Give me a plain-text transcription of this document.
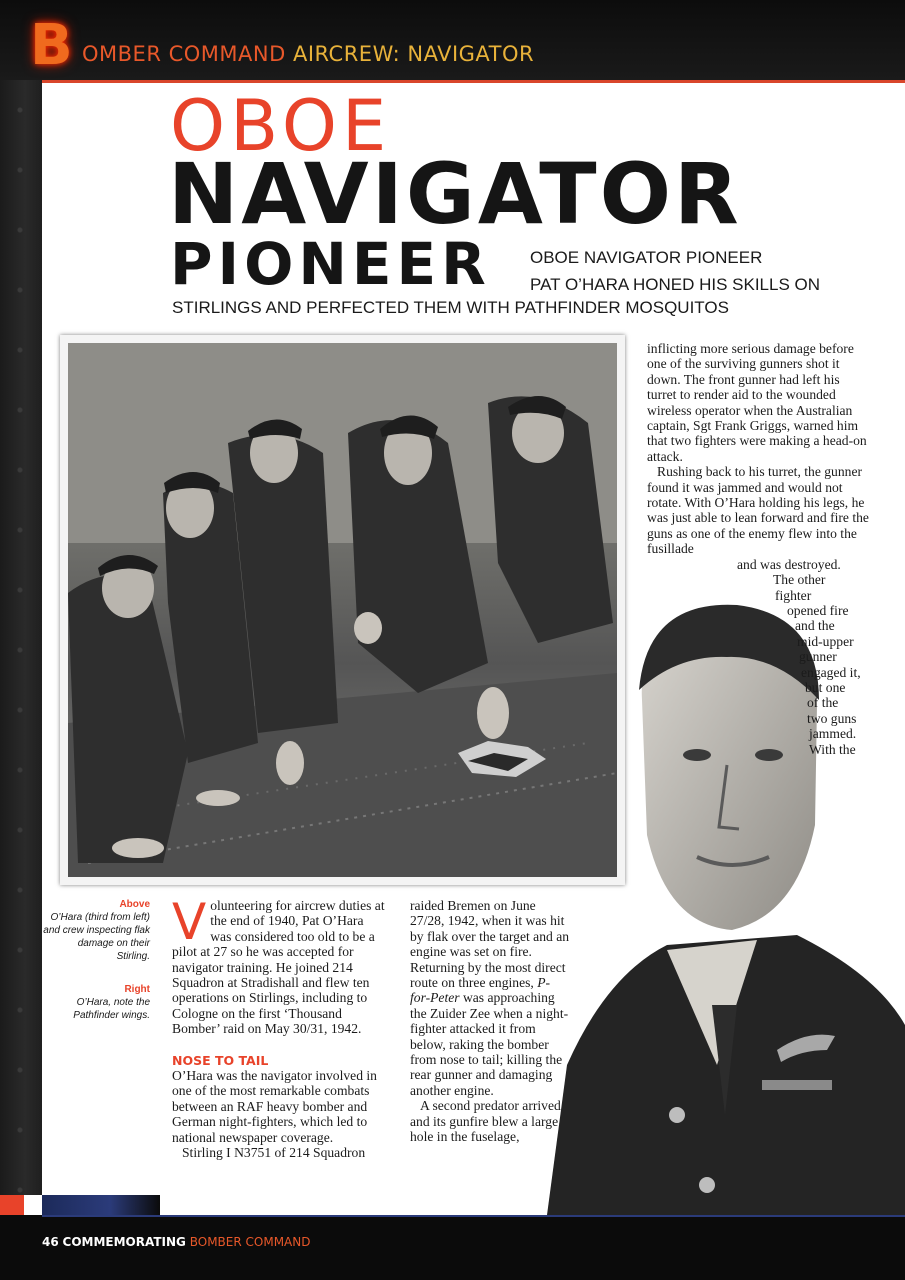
B OMBER COMMAND AIRCREW: NAVIGATOR
OBOE
NAVIGATOR
PIONEER OBOE NAVIGATOR PIONEER
PAT O’HARA HONED HIS SKILLS ON
STIRLINGS AND PERFECTED THEM WITH PATHFINDER MOSQUITOS
Above
O’Hara (third from left) and crew inspecting flak damage on their Stirling.
Right
O’Hara, note the Pathfinder wings.
V olunteering for aircrew duties at the end of 1940, Pat O’Hara was considered too old to be a pilot at 27 so he was accepted for navigator training. He joined 214 Squadron at Stradishall and flew ten operations on Stirlings, including to Cologne on the first ‘Thousand Bomber’ raid on May 30/31, 1942.
NOSE TO TAIL
O’Hara was the navigator involved in one of the most remarkable combats between an RAF heavy bomber and German night-fighters, which led to national newspaper coverage.
Stirling I N3751 of 214 Squadron
raided Bremen on June 27/28, 1942, when it was hit by flak over the target and an engine was set on fire. Returning by the most direct route on three engines, P-for-Peter was approaching the Zuider Zee when a night-fighter attacked it from below, raking the bomber from nose to tail; killing the rear gunner and damaging another engine.
A second predator arrived and its gunfire blew a large hole in the fuselage,
inflicting more serious damage before one of the surviving gunners shot it down. The front gunner had left his turret to render aid to the wounded wireless operator when the Australian captain, Sgt Frank Griggs, warned him that two fighters were making a head-on attack.
Rushing back to his turret, the gunner found it was jammed and would not rotate. With O’Hara holding his legs, he was just able to lean forward and fire the guns as one of the enemy flew into the fusillade
and was destroyed.
The other
fighter
opened fire
and the
mid-upper
gunner
engaged it,
but one
of the
two guns
jammed.
With the
46 COMMEMORATING BOMBER COMMAND
